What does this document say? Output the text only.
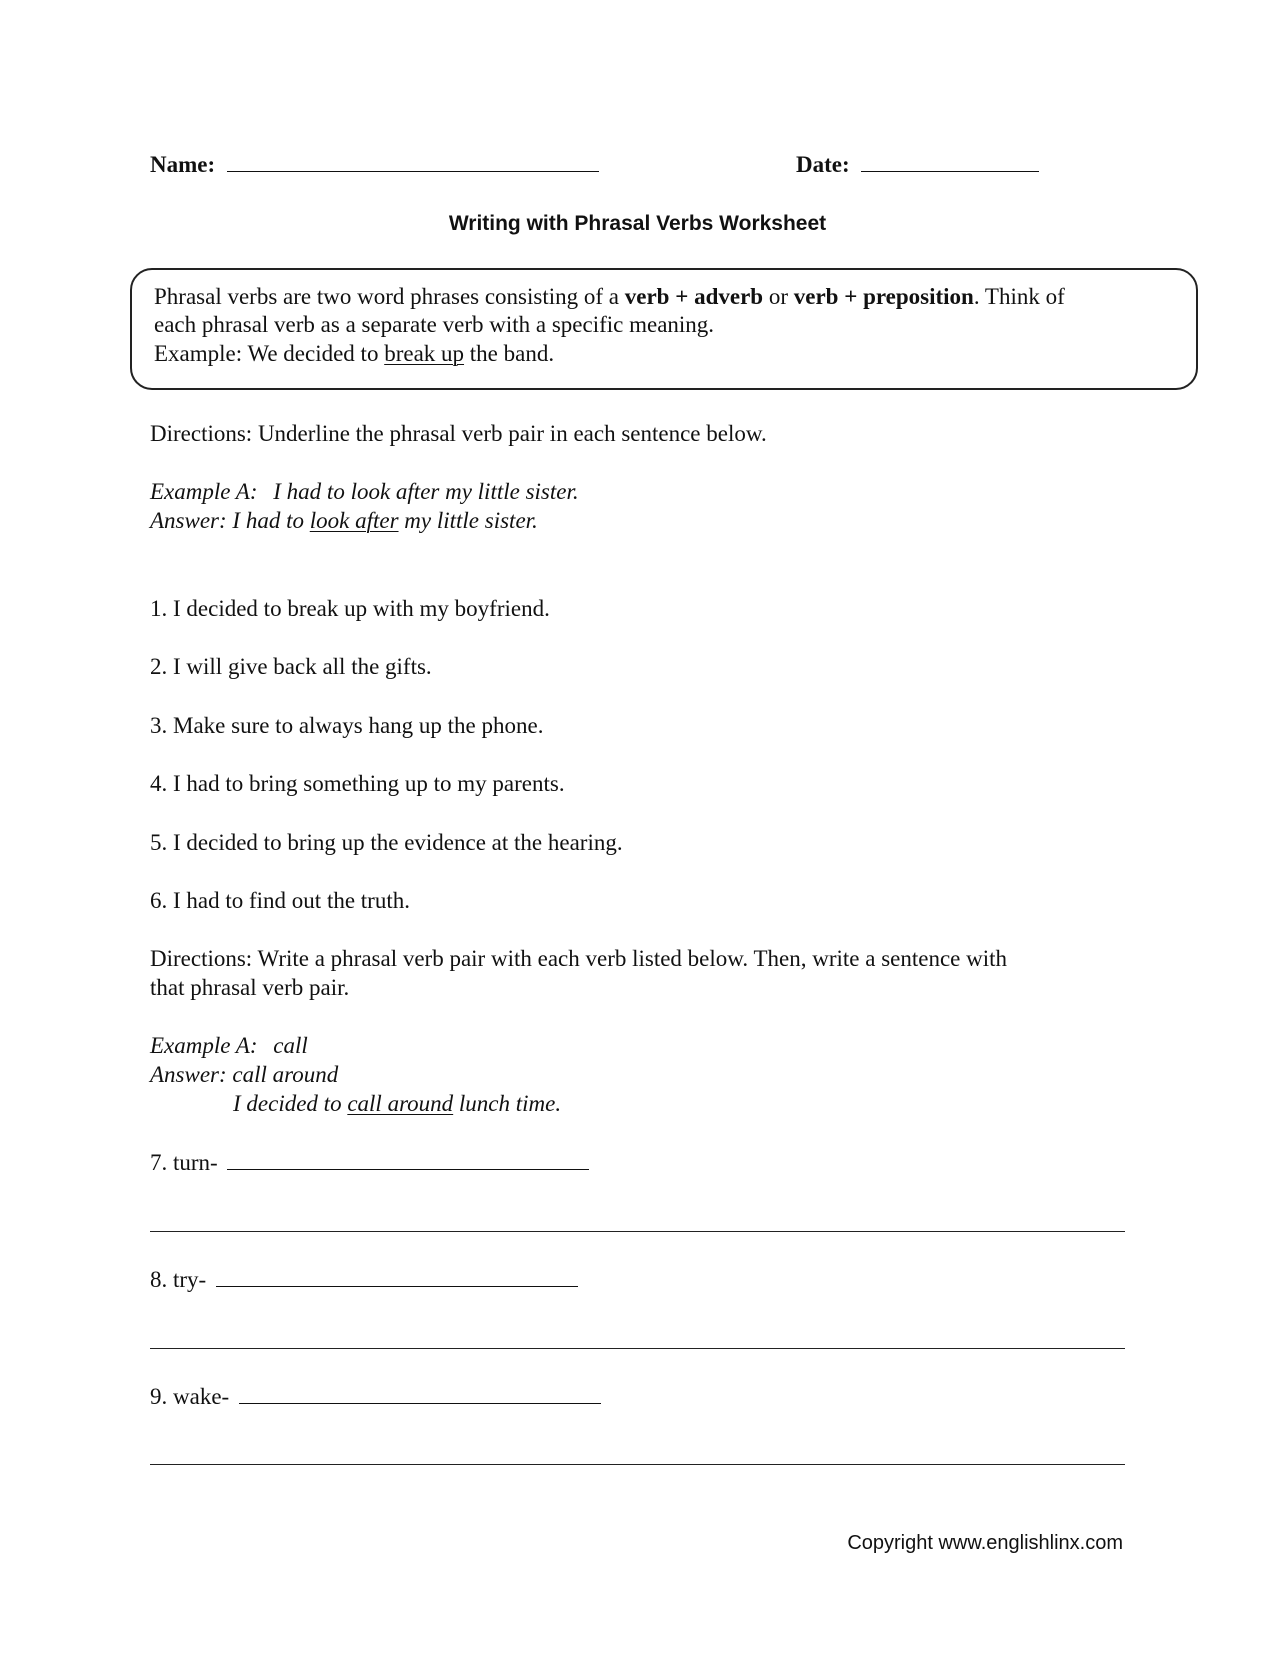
Name:	Date:
Writing with Phrasal Verbs Worksheet
Phrasal verbs are two word phrases consisting of a verb + adverb or verb + preposition. Think of
each phrasal verb as a separate verb with a specific meaning.
Example: We decided to break up the band.
Directions: Underline the phrasal verb pair in each sentence below.
Example A: I had to look after my little sister.
Answer: I had to look after my little sister.
1. I decided to break up with my boyfriend.
2. I will give back all the gifts.
3. Make sure to always hang up the phone.
4. I had to bring something up to my parents.
5. I decided to bring up the evidence at the hearing.
6. I had to find out the truth.
Directions: Write a phrasal verb pair with each verb listed below. Then, write a sentence with
that phrasal verb pair.
Example A: call
Answer: call around
I decided to call around lunch time.
7. turn-
8. try-
9. wake-
Copyright www.englishlinx.com
